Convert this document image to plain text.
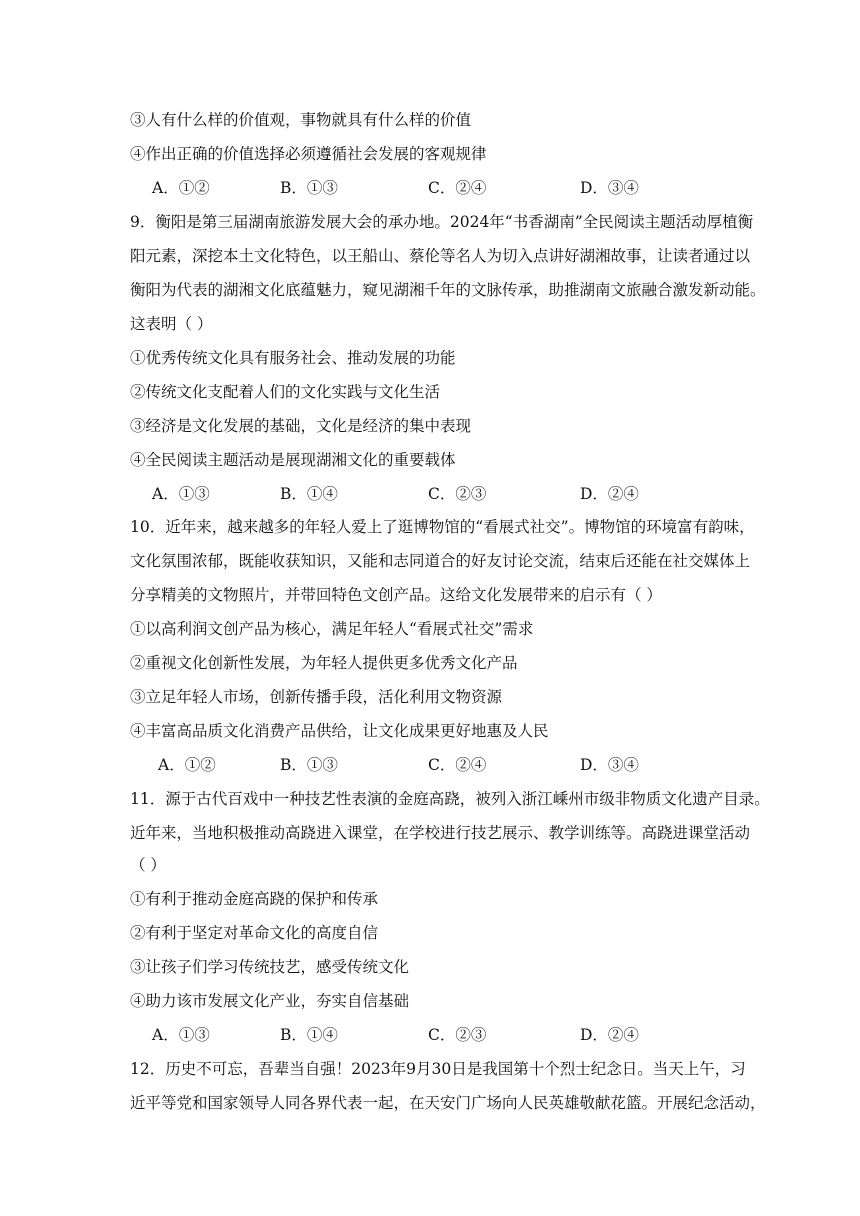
③人有什么样的价值观，事物就具有什么样的价值
④作出正确的价值选择必须遵循社会发展的客观规律
A．①②	B．①③	C．②④	D．③④
9．衡阳是第三届湖南旅游发展大会的承办地。2024年“书香湖南”全民阅读主题活动厚植衡
阳元素，深挖本土文化特色，以王船山、蔡伦等名人为切入点讲好湖湘故事，让读者通过以
衡阳为代表的湖湘文化底蕴魅力，窥见湖湘千年的文脉传承，助推湖南文旅融合激发新动能。
这表明（ ）
①优秀传统文化具有服务社会、推动发展的功能
②传统文化支配着人们的文化实践与文化生活
③经济是文化发展的基础，文化是经济的集中表现
④全民阅读主题活动是展现湖湘文化的重要载体
A．①③	B．①④	C．②③	D．②④
10．近年来，越来越多的年轻人爱上了逛博物馆的“看展式社交”。博物馆的环境富有韵味，
文化氛围浓郁，既能收获知识，又能和志同道合的好友讨论交流，结束后还能在社交媒体上
分享精美的文物照片，并带回特色文创产品。这给文化发展带来的启示有（ ）
①以高利润文创产品为核心，满足年轻人“看展式社交”需求
②重视文化创新性发展，为年轻人提供更多优秀文化产品
③立足年轻人市场，创新传播手段，活化利用文物资源
④丰富高品质文化消费产品供给，让文化成果更好地惠及人民
A．①②	B．①③	C．②④	D．③④
11．源于古代百戏中一种技艺性表演的金庭高跷，被列入浙江嵊州市级非物质文化遗产目录。
近年来，当地积极推动高跷进入课堂，在学校进行技艺展示、教学训练等。高跷进课堂活动
（ ）
①有利于推动金庭高跷的保护和传承
②有利于坚定对革命文化的高度自信
③让孩子们学习传统技艺，感受传统文化
④助力该市发展文化产业，夯实自信基础
A．①③	B．①④	C．②③	D．②④
12．历史不可忘，吾辈当自强！2023年9月30日是我国第十个烈士纪念日。当天上午，习
近平等党和国家领导人同各界代表一起，在天安门广场向人民英雄敬献花篮。开展纪念活动，
